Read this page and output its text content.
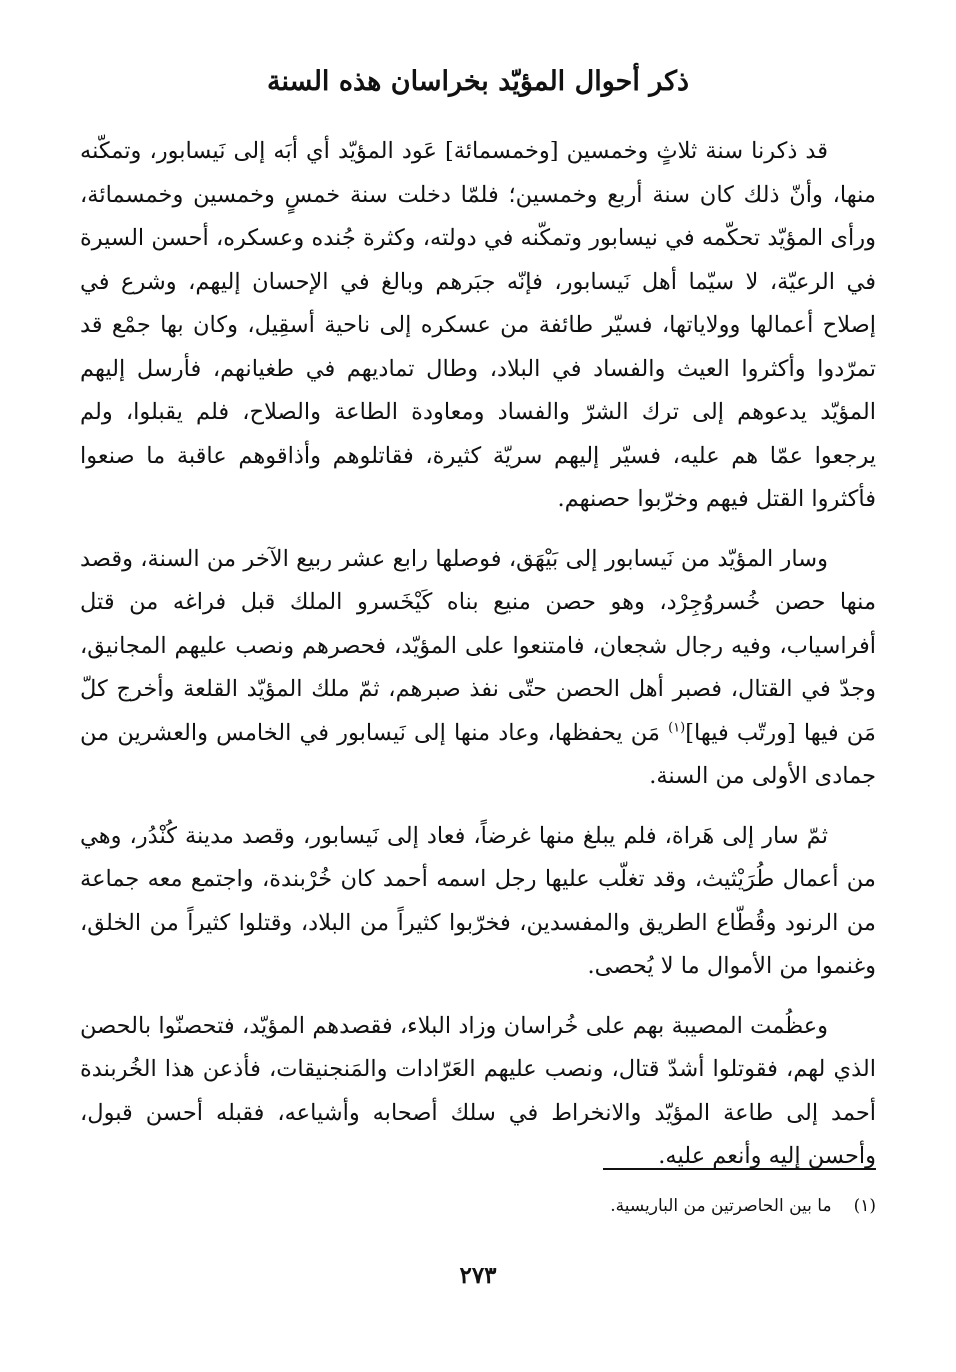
ذكر أحوال المؤيّد بخراسان هذه السنة

قد ذكرنا سنة ثلاثٍ وخمسين [وخمسمائة] عَود المؤيّد أي أبَه إلى نَيسابور، وتمكّنه منها، وأنّ ذلك كان سنة أربع وخمسين؛ فلمّا دخلت سنة خمسٍ وخمسين وخمسمائة، ورأى المؤيّد تحكّمه في نيسابور وتمكّنه في دولته، وكثرة جُنده وعسكره، أحسن السيرة في الرعيّة، لا سيّما أهل نَيسابور، فإنّه جبَرهم وبالغ في الإحسان إليهم، وشرع في إصلاح أعمالها وولاياتها، فسيّر طائفة من عسكره إلى ناحية أسقِيل، وكان بها جمْع قد تمرّدوا وأكثروا العيث والفساد في البلاد، وطال تماديهم في طغيانهم، فأرسل إليهم المؤيّد يدعوهم إلى ترك الشرّ والفساد ومعاودة الطاعة والصلاح، فلم يقبلوا، ولم يرجعوا عمّا هم عليه، فسيّر إليهم سريّة كثيرة، فقاتلوهم وأذاقوهم عاقبة ما صنعوا فأكثروا القتل فيهم وخرّبوا حصنهم.

وسار المؤيّد من نَيسابور إلى بَيْهَق، فوصلها رابع عشر ربيع الآخر من السنة، وقصد منها حصن خُسروُجِرْد، وهو حصن منيع بناه كَيْخَسرو الملك قبل فراغه من قتل أفراسياب، وفيه رجال شجعان، فامتنعوا على المؤيّد، فحصرهم ونصب عليهم المجانيق، وجدّ في القتال، فصبر أهل الحصن حتّى نفذ صبرهم، ثمّ ملك المؤيّد القلعة وأخرج كلّ مَن فيها [ورتّب فيها]$^{(١)}$ مَن يحفظها، وعاد منها إلى نَيسابور في الخامس والعشرين من جمادى الأولى من السنة.

ثمّ سار إلى هَراة، فلم يبلغ منها غرضاً، فعاد إلى نَيسابور، وقصد مدينة كُنْدُر، وهي من أعمال طُرَيْثيث، وقد تغلّب عليها رجل اسمه أحمد كان خُرْبندة، واجتمع معه جماعة من الرنود وقُطّاع الطريق والمفسدين، فخرّبوا كثيراً من البلاد، وقتلوا كثيراً من الخلق، وغنموا من الأموال ما لا يُحصى.

وعظُمت المصيبة بهم على خُراسان وزاد البلاء، فقصدهم المؤيّد، فتحصنّوا بالحصن الذي لهم، فقوتلوا أشدّ قتال، ونصب عليهم العَرّادات والمَنجنيقات، فأذعن هذا الخُربندة أحمد إلى طاعة المؤيّد والانخراط في سلك أصحابه وأشياعه، فقبله أحسن قبول، وأحسن إليه وأنعم عليه.

(١)
ما بين الحاصرتين من الباريسية.
٢٧٣
